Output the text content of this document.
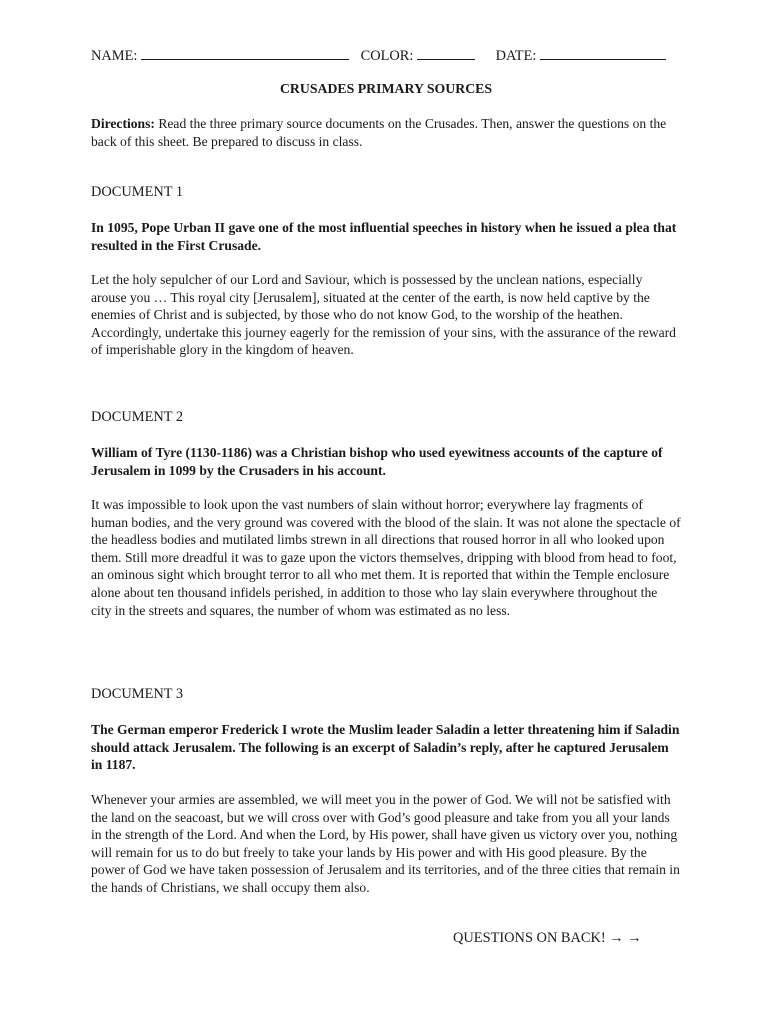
NAME:	COLOR:	DATE:
CRUSADES PRIMARY SOURCES

Directions: Read the three primary source documents on the Crusades. Then, answer the questions on the back of this sheet. Be prepared to discuss in class.

DOCUMENT 1
In 1095, Pope Urban II gave one of the most influential speeches in history when he issued a plea that resulted in the First Crusade.
Let the holy sepulcher of our Lord and Saviour, which is possessed by the unclean nations, especially arouse you … This royal city [Jerusalem], situated at the center of the earth, is now held captive by the enemies of Christ and is subjected, by those who do not know God, to the worship of the heathen. Accordingly, undertake this journey eagerly for the remission of your sins, with the assurance of the reward of imperishable glory in the kingdom of heaven.
DOCUMENT 2
William of Tyre (1130-1186) was a Christian bishop who used eyewitness accounts of the capture of Jerusalem in 1099 by the Crusaders in his account.
It was impossible to look upon the vast numbers of slain without horror; everywhere lay fragments of human bodies, and the very ground was covered with the blood of the slain. It was not alone the spectacle of the headless bodies and mutilated limbs strewn in all directions that roused horror in all who looked upon them. Still more dreadful it was to gaze upon the victors themselves, dripping with blood from head to foot, an ominous sight which brought terror to all who met them. It is reported that within the Temple enclosure alone about ten thousand infidels perished, in addition to those who lay slain everywhere throughout the city in the streets and squares, the number of whom was estimated as no less.
DOCUMENT 3
The German emperor Frederick I wrote the Muslim leader Saladin a letter threatening him if Saladin should attack Jerusalem. The following is an excerpt of Saladin’s reply, after he captured Jerusalem in 1187.
Whenever your armies are assembled, we will meet you in the power of God. We will not be satisfied with the land on the seacoast, but we will cross over with God’s good pleasure and take from you all your lands in the strength of the Lord. And when the Lord, by His power, shall have given us victory over you, nothing will remain for us to do but freely to take your lands by His power and with His good pleasure. By the power of God we have taken possession of Jerusalem and its territories, and of the three cities that remain in the hands of Christians, we shall occupy them also.
QUESTIONS ON BACK! → →
